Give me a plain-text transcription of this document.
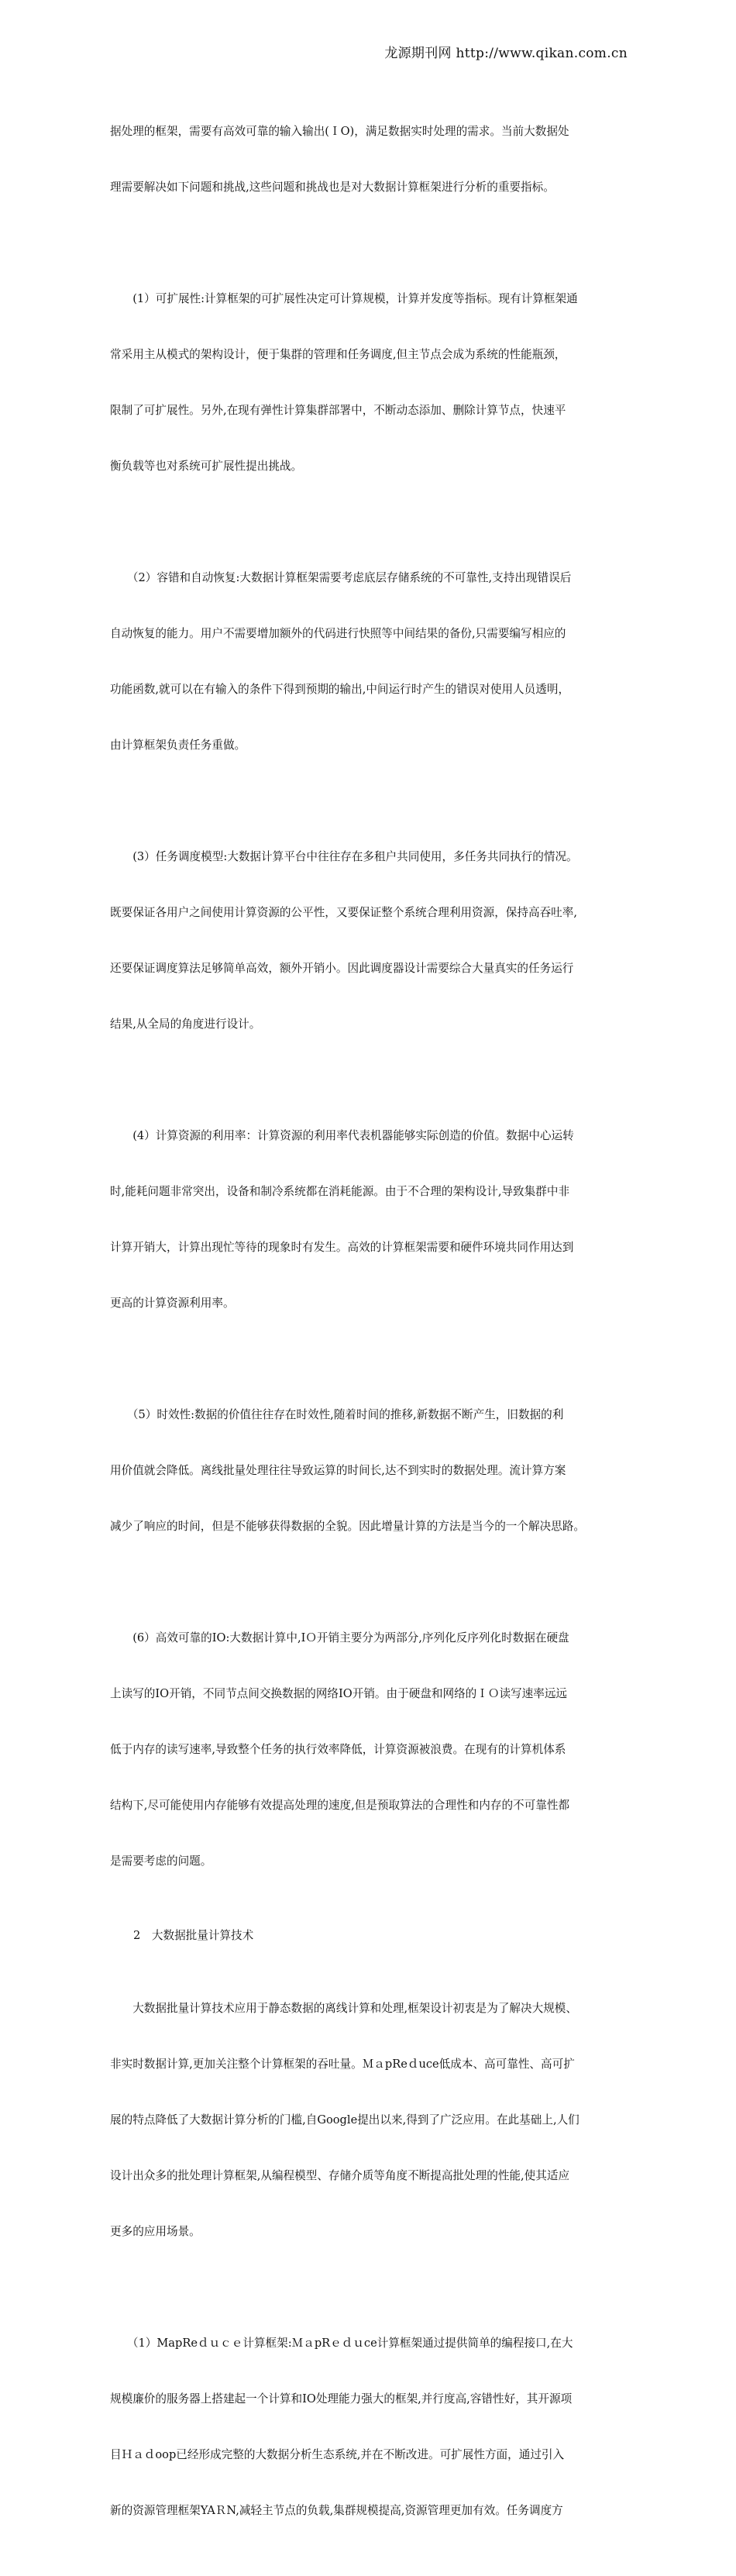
龙源期刊网 http://www.qikan.com.cn

据处理的框架，需要有高效可靠的输入输出(ＩO)，满足数据实时处理的需求。当前大数据处

理需要解决如下问题和挑战,这些问题和挑战也是对大数据计算框架进行分析的重要指标。

　　(1）可扩展性:计算框架的可扩展性决定可计算规模，计算并发度等指标。现有计算框架通

常采用主从模式的架构设计，便于集群的管理和任务调度,但主节点会成为系统的性能瓶颈，

限制了可扩展性。另外,在现有弹性计算集群部署中，不断动态添加、删除计算节点，快速平

衡负载等也对系统可扩展性提出挑战。

　　（2）容错和自动恢复:大数据计算框架需要考虑底层存储系统的不可靠性,支持出现错误后

自动恢复的能力。用户不需要增加额外的代码进行快照等中间结果的备份,只需要编写相应的

功能函数,就可以在有输入的条件下得到预期的输出,中间运行时产生的错误对使用人员透明，

由计算框架负责任务重做。

　　(3）任务调度模型:大数据计算平台中往往存在多租户共同使用，多任务共同执行的情况。

既要保证各用户之间使用计算资源的公平性，又要保证整个系统合理利用资源，保持高吞吐率,

还要保证调度算法足够简单高效，额外开销小。因此调度器设计需要综合大量真实的任务运行

结果,从全局的角度进行设计。

　　(4）计算资源的利用率：计算资源的利用率代表机器能够实际创造的价值。数据中心运转

时,能耗问题非常突出，设备和制冷系统都在消耗能源。由于不合理的架构设计,导致集群中非

计算开销大，计算出现忙等待的现象时有发生。高效的计算框架需要和硬件环境共同作用达到

更高的计算资源利用率。

　　（5）时效性:数据的价值往往存在时效性,随着时间的推移,新数据不断产生，旧数据的利

用价值就会降低。离线批量处理往往导致运算的时间长,达不到实时的数据处理。流计算方案

减少了响应的时间，但是不能够获得数据的全貌。因此增量计算的方法是当今的一个解决思路。

　　(6）高效可靠的IO:大数据计算中,IＯ开销主要分为两部分,序列化反序列化时数据在硬盘

上读写的IO开销，不同节点间交换数据的网络IO开销。由于硬盘和网络的ＩＯ读写速率远远

低于内存的读写速率,导致整个任务的执行效率降低，计算资源被浪费。在现有的计算机体系

结构下,尽可能使用内存能够有效提高处理的速度,但是预取算法的合理性和内存的不可靠性都

是需要考虑的问题。

2　大数据批量计算技术

　　大数据批量计算技术应用于静态数据的离线计算和处理,框架设计初衷是为了解决大规模、

非实时数据计算,更加关注整个计算框架的吞吐量。ＭａpReｄuce低成本、高可靠性、高可扩

展的特点降低了大数据计算分析的门槛,自Google提出以来,得到了广泛应用。在此基础上,人们

设计出众多的批处理计算框架,从编程模型、存储介质等角度不断提高批处理的性能,使其适应

更多的应用场景。

　　（1）MapReｄｕｃｅ计算框架:ＭａpRｅｄｕce计算框架通过提供简单的编程接口,在大

规模廉价的服务器上搭建起一个计算和IO处理能力强大的框架,并行度高,容错性好，其开源项

目Ｈａｄoop已经形成完整的大数据分析生态系统,并在不断改进。可扩展性方面，通过引入

新的资源管理框架YAＲN,减轻主节点的负载,集群规模提高,资源管理更加有效。任务调度方
